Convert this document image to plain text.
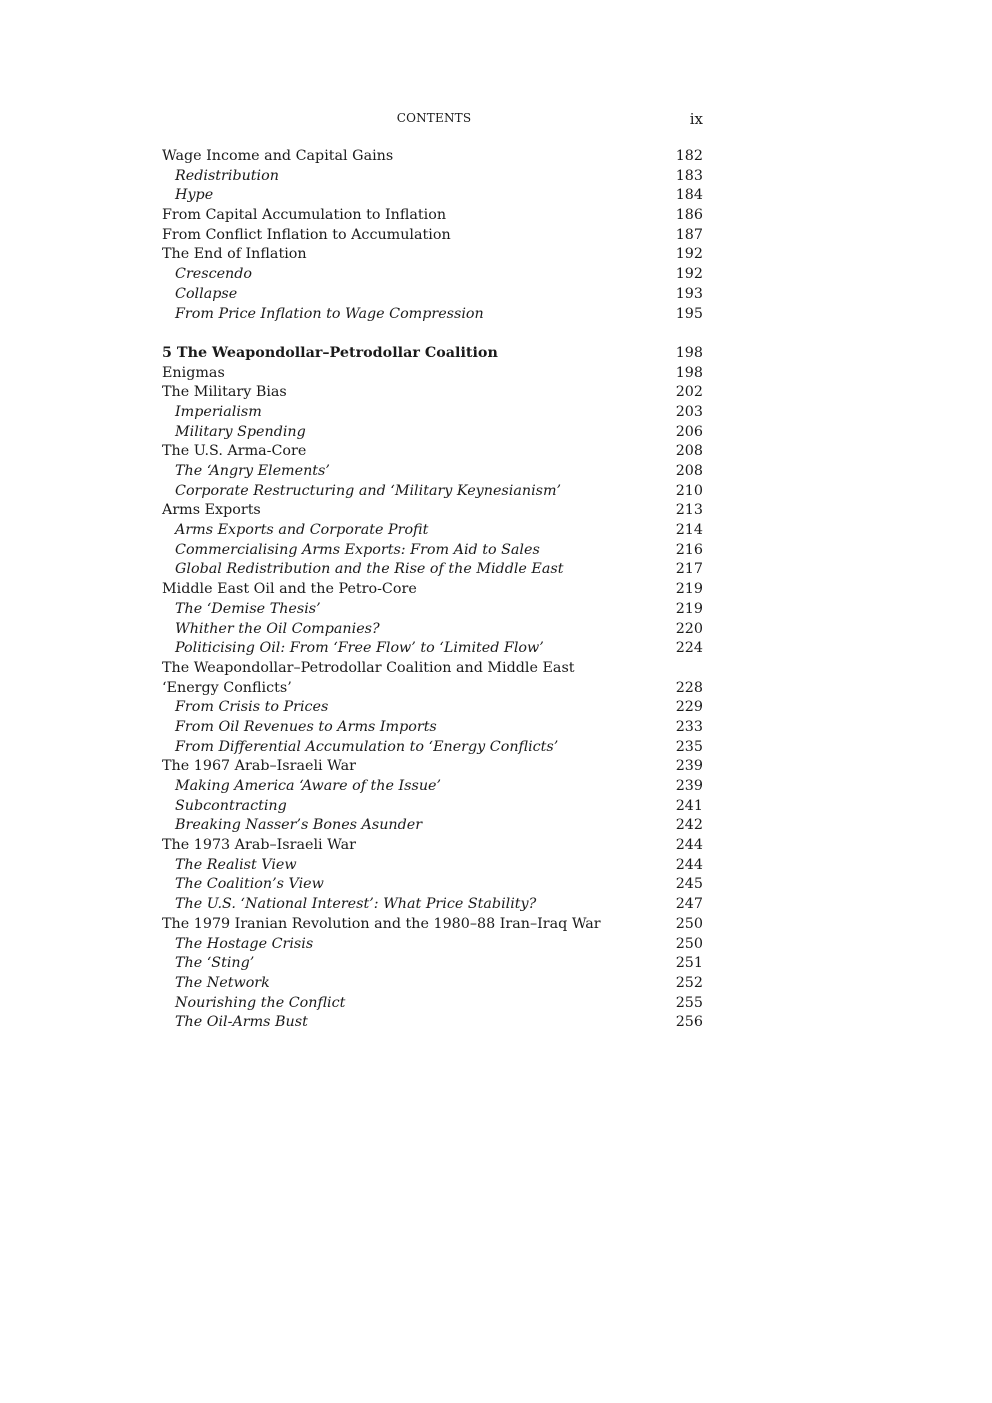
CONTENTS	ix
Wage Income and Capital Gains	182
Redistribution	183
Hype	184
From Capital Accumulation to Inflation	186
From Conflict Inflation to Accumulation	187
The End of Inflation	192
Crescendo	192
Collapse	193
From Price Inflation to Wage Compression	195
5 The Weapondollar–Petrodollar Coalition	198
Enigmas	198
The Military Bias	202
Imperialism	203
Military Spending	206
The U.S. Arma-Core	208
The ‘Angry Elements’	208
Corporate Restructuring and ‘Military Keynesianism’	210
Arms Exports	213
Arms Exports and Corporate Profit	214
Commercialising Arms Exports: From Aid to Sales	216
Global Redistribution and the Rise of the Middle East	217
Middle East Oil and the Petro-Core	219
The ‘Demise Thesis’	219
Whither the Oil Companies?	220
Politicising Oil: From ‘Free Flow’ to ‘Limited Flow’	224
The Weapondollar–Petrodollar Coalition and Middle East
‘Energy Conflicts’	228
From Crisis to Prices	229
From Oil Revenues to Arms Imports	233
From Differential Accumulation to ‘Energy Conflicts’	235
The 1967 Arab–Israeli War	239
Making America ‘Aware of the Issue’	239
Subcontracting	241
Breaking Nasser’s Bones Asunder	242
The 1973 Arab–Israeli War	244
The Realist View	244
The Coalition’s View	245
The U.S. ‘National Interest’: What Price Stability?	247
The 1979 Iranian Revolution and the 1980–88 Iran–Iraq War	250
The Hostage Crisis	250
The ‘Sting’	251
The Network	252
Nourishing the Conflict	255
The Oil-Arms Bust	256
